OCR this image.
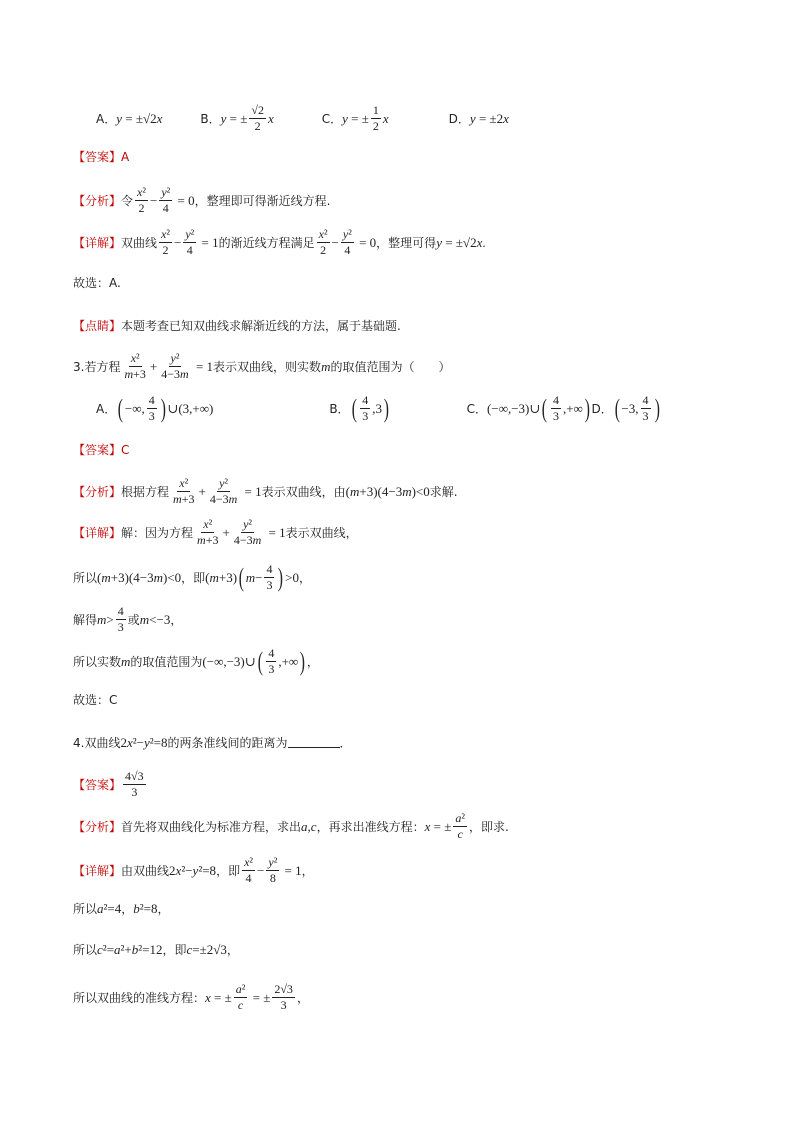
A． y = ±√2 x	B． y = ± $\frac{√2}{2}$ x	C． y = ± $\frac{1}{2}$ x	D． y = ±2 x
【答案】 A
【分析】 令 $\frac{\text{x²}}{2} - \frac{\text{y²}}{4} = 0$ ，整理即可得渐近线方程.
【详解】 双曲线 $\frac{\text{x²}}{2} - \frac{\text{y²}}{4} = 1$ 的渐近线方程满足 $\frac{\text{x²}}{2} - \frac{\text{y²}}{4} = 0$ ，整理可得 y = ±√2 x .
故选：A.
【点睛】 本题考查已知双曲线求解渐近线的方法，属于基础题.
3.若方程 $\frac{\text{x²}}{m+3} + \frac{\text{y²}}{4-3m} = 1$ 表示双曲线，则实数 m 的取值范围为（　　）
A． ( −∞, $\frac{4}{3}$ ) ∪(3,+∞)	B． ( $\frac{4}{3} ,3$ )	C． (−∞,−3)∪ ( $\frac{4}{3}$ ,+∞ ) D． ( −3, $\frac{4}{3}$ )
【答案】 C
【分析】 根据方程 $\frac{\text{x²}}{m+3} + \frac{\text{y²}}{4-3m} = 1$ 表示双曲线，由 (m+3)(4−3m)<0 求解.
【详解】 解：因为方程 $\frac{\text{x²}}{m+3} + \frac{\text{y²}}{4-3m} = 1$ 表示双曲线，
所以 (m+3)(4−3m)<0 ，即 (m+3) ( $m - \frac{4}{3}$ ) >0 ，
解得 $m > \frac{4}{3}$ 或 m <−3 ，
所以实数 m 的取值范围为 (−∞,−3)∪ ( $\frac{4}{3}$ ,+∞ ) ，
故选：C
4.双曲线 2x²−y²=8 的两条准线间的距离为	．
【答案】 $\frac{4√3}{3}$
【分析】 首先将双曲线化为标准方程，求出 a , c ，再求出准线方程： x = ± $\frac{\text{a²}}{c}$ ，即求.
【详解】 由双曲线 2x²−y²=8 ，即 $\frac{\text{x²}}{4} - \frac{\text{y²}}{8} = 1$ ，
所以 a²=4 ， b²=8 ，
所以 c²=a²+b²=12 ，即 c=±2√3 ，
所以双曲线的准线方程： x = ± $\frac{\text{a²}}{c}$ = ± $\frac{2√3}{3}$ ，
